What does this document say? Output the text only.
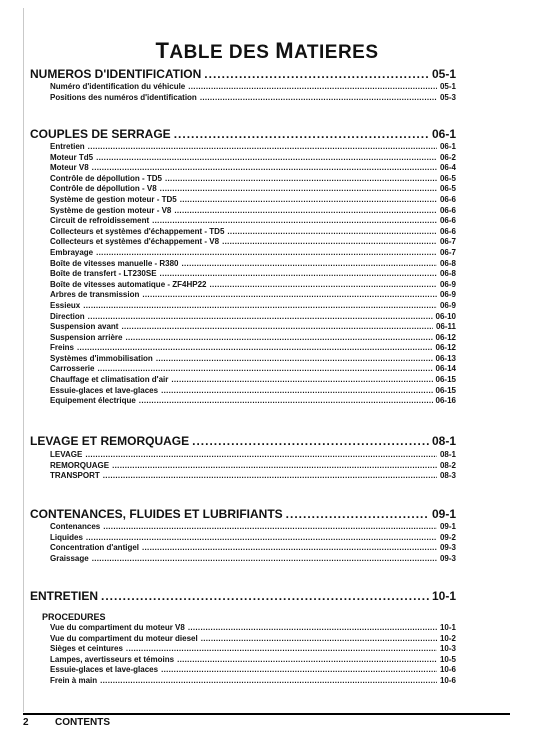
TABLE DES MATIERES
NUMEROS D'IDENTIFICATION .....	05-1
Numéro d'identification du véhicule .....	05-1
Positions des numéros d'identification .....	05-3
COUPLES DE SERRAGE .....	06-1
Entretien .....	06-1
Moteur Td5 .....	06-2
Moteur V8 .....	06-4
Contrôle de dépollution - TD5 .....	06-5
Contrôle de dépollution - V8 .....	06-5
Système de gestion moteur - TD5 .....	06-6
Système de gestion moteur - V8 .....	06-6
Circuit de refroidissement .....	06-6
Collecteurs et systèmes d'échappement - TD5 .....	06-6
Collecteurs et systèmes d'échappement - V8 .....	06-7
Embrayage .....	06-7
Boîte de vitesses manuelle - R380 .....	06-8
Boîte de transfert - LT230SE .....	06-8
Boîte de vitesses automatique - ZF4HP22 .....	06-9
Arbres de transmission .....	06-9
Essieux .....	06-9
Direction .....	06-10
Suspension avant .....	06-11
Suspension arrière .....	06-12
Freins .....	06-12
Systèmes d'immobilisation .....	06-13
Carrosserie .....	06-14
Chauffage et climatisation d'air .....	06-15
Essuie-glaces et lave-glaces .....	06-15
Equipement électrique .....	06-16
LEVAGE ET REMORQUAGE .....	08-1
LEVAGE .....	08-1
REMORQUAGE .....	08-2
TRANSPORT .....	08-3
CONTENANCES, FLUIDES ET LUBRIFIANTS .....	09-1
Contenances .....	09-1
Liquides .....	09-2
Concentration d'antigel .....	09-3
Graissage .....	09-3
ENTRETIEN .....	10-1
PROCEDURES
Vue du compartiment du moteur V8 .....	10-1
Vue du compartiment du moteur diesel .....	10-2
Sièges et ceintures .....	10-3
Lampes, avertisseurs et témoins .....	10-5
Essuie-glaces et lave-glaces .....	10-6
Frein à main .....	10-6
2	CONTENTS
